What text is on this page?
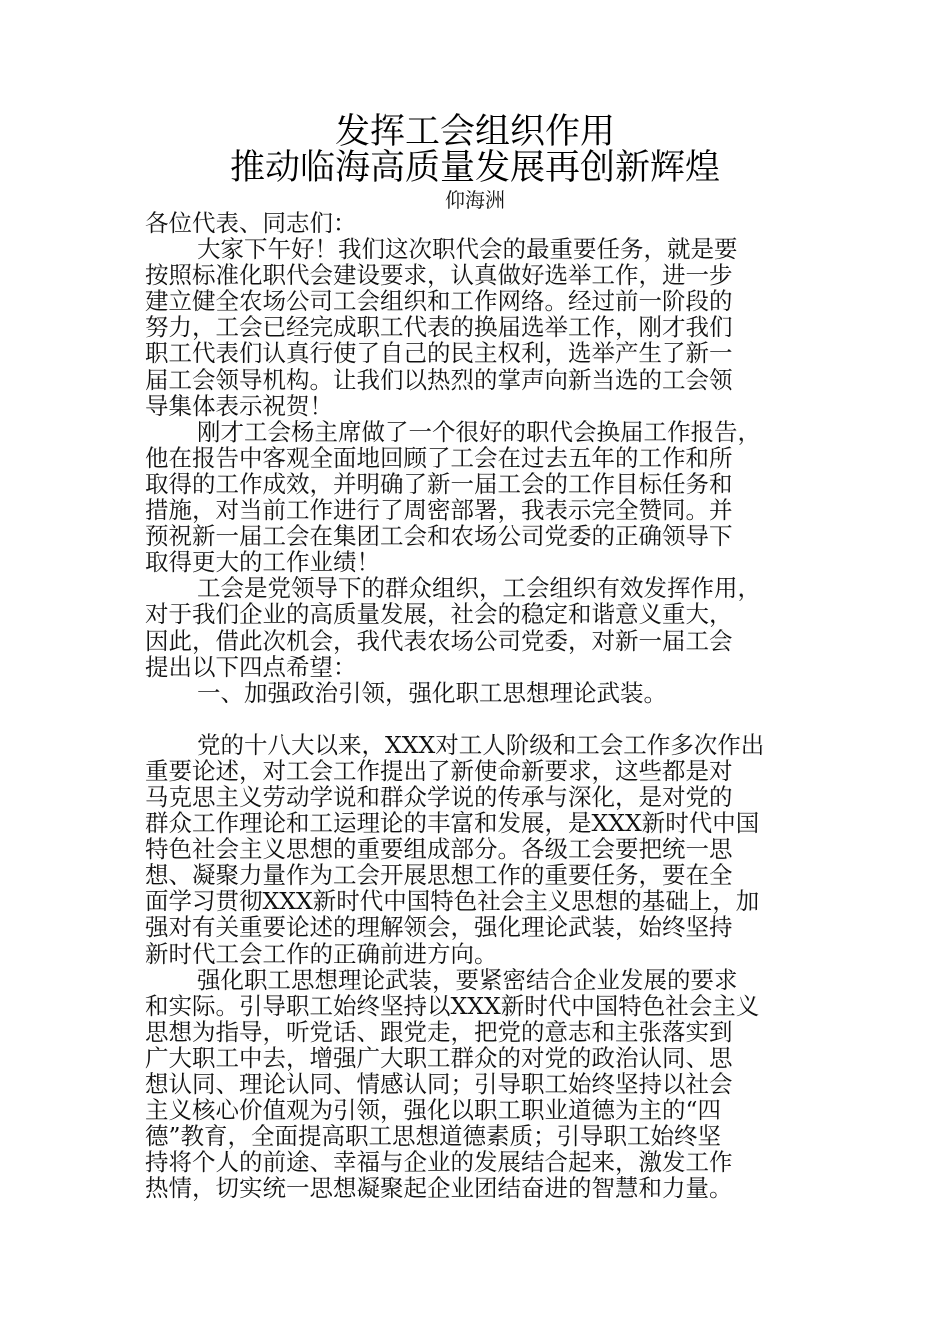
发挥工会组织作用
推动临海高质量发展再创新辉煌
仰海洲
各位代表、同志们：
大家下午好！我们这次职代会的最重要任务，就是要
按照标准化职代会建设要求，认真做好选举工作，进一步
建立健全农场公司工会组织和工作网络。经过前一阶段的
努力，工会已经完成职工代表的换届选举工作，刚才我们
职工代表们认真行使了自己的民主权利，选举产生了新一
届工会领导机构。让我们以热烈的掌声向新当选的工会领
导集体表示祝贺！
刚才工会杨主席做了一个很好的职代会换届工作报告，
他在报告中客观全面地回顾了工会在过去五年的工作和所
取得的工作成效，并明确了新一届工会的工作目标任务和
措施，对当前工作进行了周密部署，我表示完全赞同。并
预祝新一届工会在集团工会和农场公司党委的正确领导下
取得更大的工作业绩！
工会是党领导下的群众组织，工会组织有效发挥作用，
对于我们企业的高质量发展，社会的稳定和谐意义重大，
因此，借此次机会，我代表农场公司党委，对新一届工会
提出以下四点希望：
一、加强政治引领，强化职工思想理论武装。
党的十八大以来，XXX对工人阶级和工会工作多次作出
重要论述，对工会工作提出了新使命新要求，这些都是对
马克思主义劳动学说和群众学说的传承与深化，是对党的
群众工作理论和工运理论的丰富和发展，是XXX新时代中国
特色社会主义思想的重要组成部分。各级工会要把统一思
想、凝聚力量作为工会开展思想工作的重要任务，要在全
面学习贯彻XXX新时代中国特色社会主义思想的基础上，加
强对有关重要论述的理解领会，强化理论武装，始终坚持
新时代工会工作的正确前进方向。
强化职工思想理论武装，要紧密结合企业发展的要求
和实际。引导职工始终坚持以XXX新时代中国特色社会主义
思想为指导，听党话、跟党走，把党的意志和主张落实到
广大职工中去，增强广大职工群众的对党的政治认同、思
想认同、理论认同、情感认同；引导职工始终坚持以社会
主义核心价值观为引领，强化以职工职业道德为主的“四
德”教育，全面提高职工思想道德素质；引导职工始终坚
持将个人的前途、幸福与企业的发展结合起来，激发工作
热情，切实统一思想凝聚起企业团结奋进的智慧和力量。
